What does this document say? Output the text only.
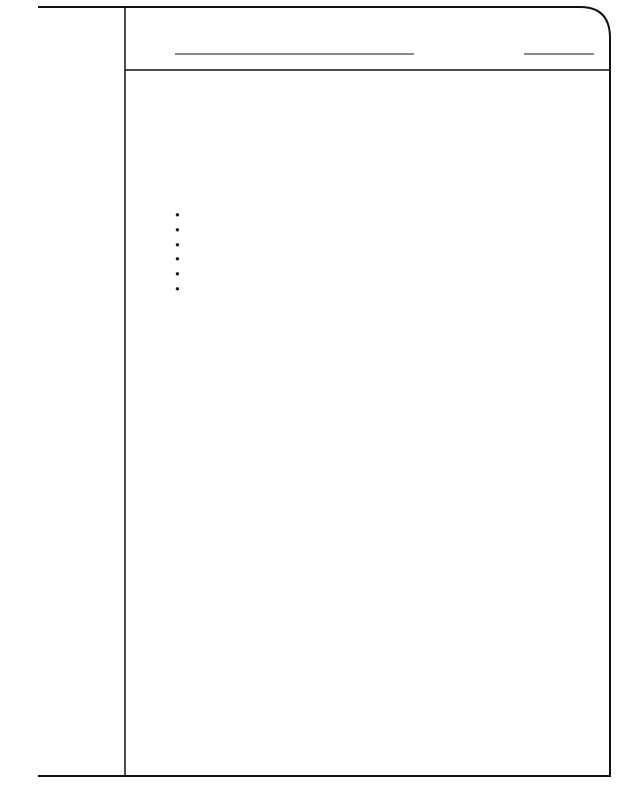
•
•
•
•
•
•
